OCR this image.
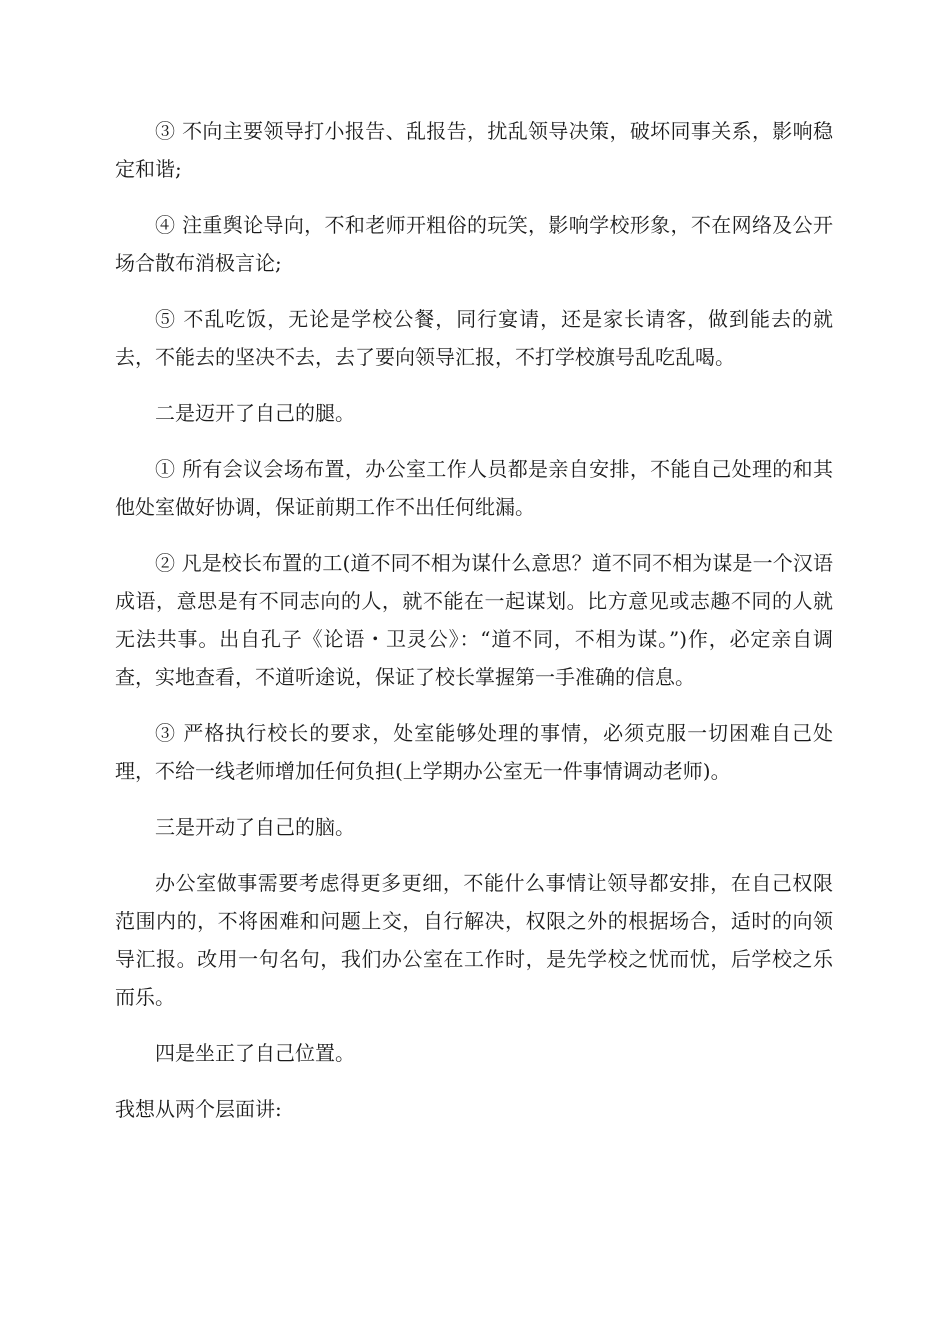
③ 不向主要领导打小报告、乱报告，扰乱领导决策，破坏同事关系，影响稳定和谐;

④ 注重舆论导向，不和老师开粗俗的玩笑，影响学校形象，不在网络及公开场合散布消极言论;

⑤ 不乱吃饭，无论是学校公餐，同行宴请，还是家长请客，做到能去的就去，不能去的坚决不去，去了要向领导汇报，不打学校旗号乱吃乱喝。

二是迈开了自己的腿。

① 所有会议会场布置，办公室工作人员都是亲自安排，不能自己处理的和其他处室做好协调，保证前期工作不出任何纰漏。

② 凡是校长布置的工(道不同不相为谋什么意思？道不同不相为谋是一个汉语成语，意思是有不同志向的人，就不能在一起谋划。比方意见或志趣不同的人就无法共事。出自孔子《论语・卫灵公》：“道不同，不相为谋。”)作，必定亲自调查，实地查看，不道听途说，保证了校长掌握第一手准确的信息。

③ 严格执行校长的要求，处室能够处理的事情，必须克服一切困难自己处理，不给一线老师增加任何负担(上学期办公室无一件事情调动老师)。

三是开动了自己的脑。

办公室做事需要考虑得更多更细，不能什么事情让领导都安排，在自己权限范围内的，不将困难和问题上交，自行解决，权限之外的根据场合，适时的向领导汇报。改用一句名句，我们办公室在工作时，是先学校之忧而忧，后学校之乐而乐。

四是坐正了自己位置。

我想从两个层面讲:
